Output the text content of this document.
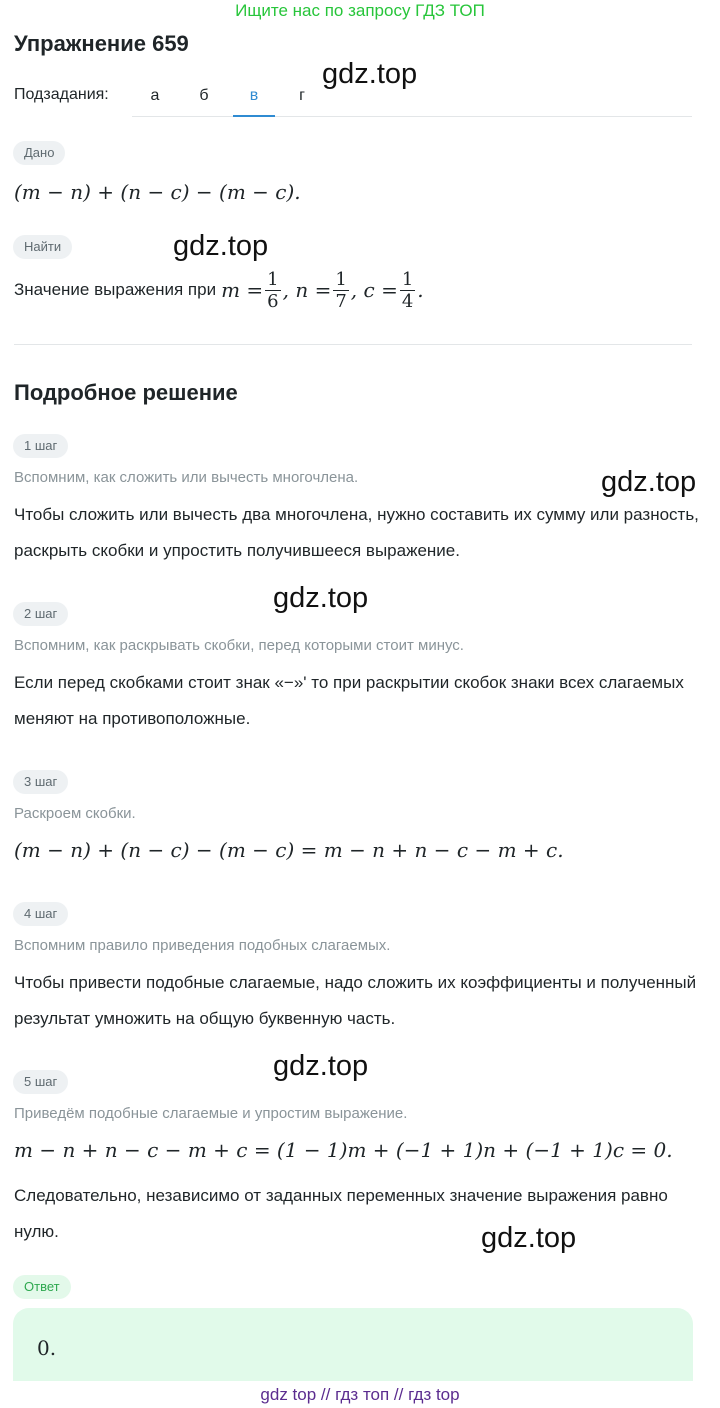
Ищите нас по запросу ГДЗ ТОП
Упражнение 659
Подзадания:	а	б	в	г
Дано
(m − n) + (n − c) − (m − c).
Найти
Значение выражения при $m = \frac{1}{6}$ , $n = \frac{1}{7}$ , $c = \frac{1}{4}$ .
Подробное решение
1 шаг
Вспомним, как сложить или вычесть многочлена.
Чтобы сложить или вычесть два многочлена, нужно составить их сумму или разность, раскрыть скобки и упростить получившееся выражение.
2 шаг
Вспомним, как раскрывать скобки, перед которыми стоит минус.
Если перед скобками стоит знак «−»' то при раскрытии скобок знаки всех слагаемых меняют на противоположные.
3 шаг
Раскроем скобки.
(m − n) + (n − c) − (m − c) = m − n + n − c − m + c.
4 шаг
Вспомним правило приведения подобных слагаемых.
Чтобы привести подобные слагаемые, надо сложить их коэффициенты и полученный результат умножить на общую буквенную часть.
5 шаг
Приведём подобные слагаемые и упростим выражение.
m − n + n − c − m + c = (1 − 1)m + (−1 + 1)n + (−1 + 1)c = 0.
Следовательно, независимо от заданных переменных значение выражения равно нулю.
Ответ
0.
gdz.top
gdz.top
gdz.top
gdz.top
gdz.top
gdz.top
gdz top // гдз топ // гдз top
